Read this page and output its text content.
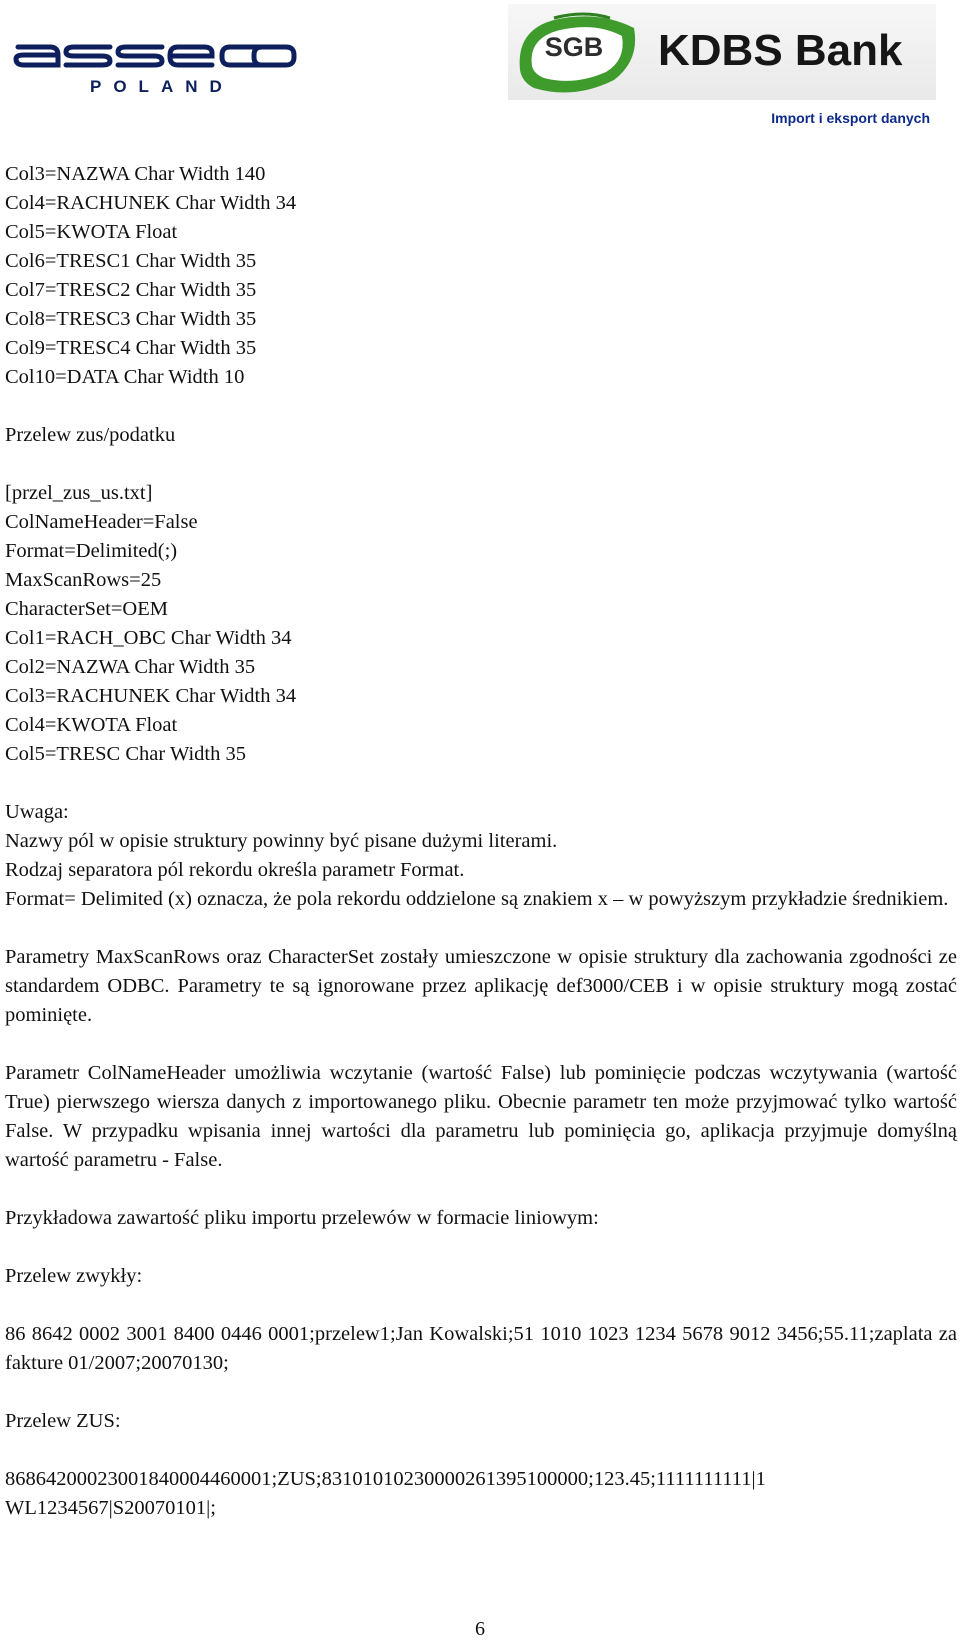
POLAND
SGB KDBS Bank
Import i eksport danych

Col3=NAZWA Char Width 140

Col4=RACHUNEK Char Width 34

Col5=KWOTA Float

Col6=TRESC1 Char Width 35

Col7=TRESC2 Char Width 35

Col8=TRESC3 Char Width 35

Col9=TRESC4 Char Width 35

Col10=DATA Char Width 10

Przelew zus/podatku

[przel_zus_us.txt]

ColNameHeader=False

Format=Delimited(;)

MaxScanRows=25

CharacterSet=OEM

Col1=RACH_OBC Char Width 34

Col2=NAZWA Char Width 35

Col3=RACHUNEK Char Width 34

Col4=KWOTA Float

Col5=TRESC Char Width 35

Uwaga:

Nazwy pól w opisie struktury powinny być pisane dużymi literami.

Rodzaj separatora pól rekordu określa parametr Format.

Format= Delimited (x) oznacza, że pola rekordu oddzielone są znakiem x – w powyższym przykładzie średnikiem.

Parametry MaxScanRows oraz CharacterSet zostały umieszczone w opisie struktury dla zachowania zgodności ze standardem ODBC. Parametry te są ignorowane przez aplikację def3000/CEB i w opisie struktury mogą zostać pominięte.

Parametr ColNameHeader umożliwia wczytanie (wartość False) lub pominięcie podczas wczytywania (wartość True) pierwszego wiersza danych z importowanego pliku. Obecnie parametr ten może przyjmować tylko wartość False. W przypadku wpisania innej wartości dla parametru lub pominięcia go, aplikacja przyjmuje domyślną wartość parametru - False.

Przykładowa zawartość pliku importu przelewów w formacie liniowym:

Przelew zwykły:

86 8642 0002 3001 8400 0446 0001;przelew1;Jan Kowalski;51 1010 1023 1234 5678 9012 3456;55.11;zaplata za fakture 01/2007;20070130;

Przelew ZUS:

86864200023001840004460001;ZUS;83101010230000261395100000;123.45;1111111111|1

WL1234567|S20070101|;

6
